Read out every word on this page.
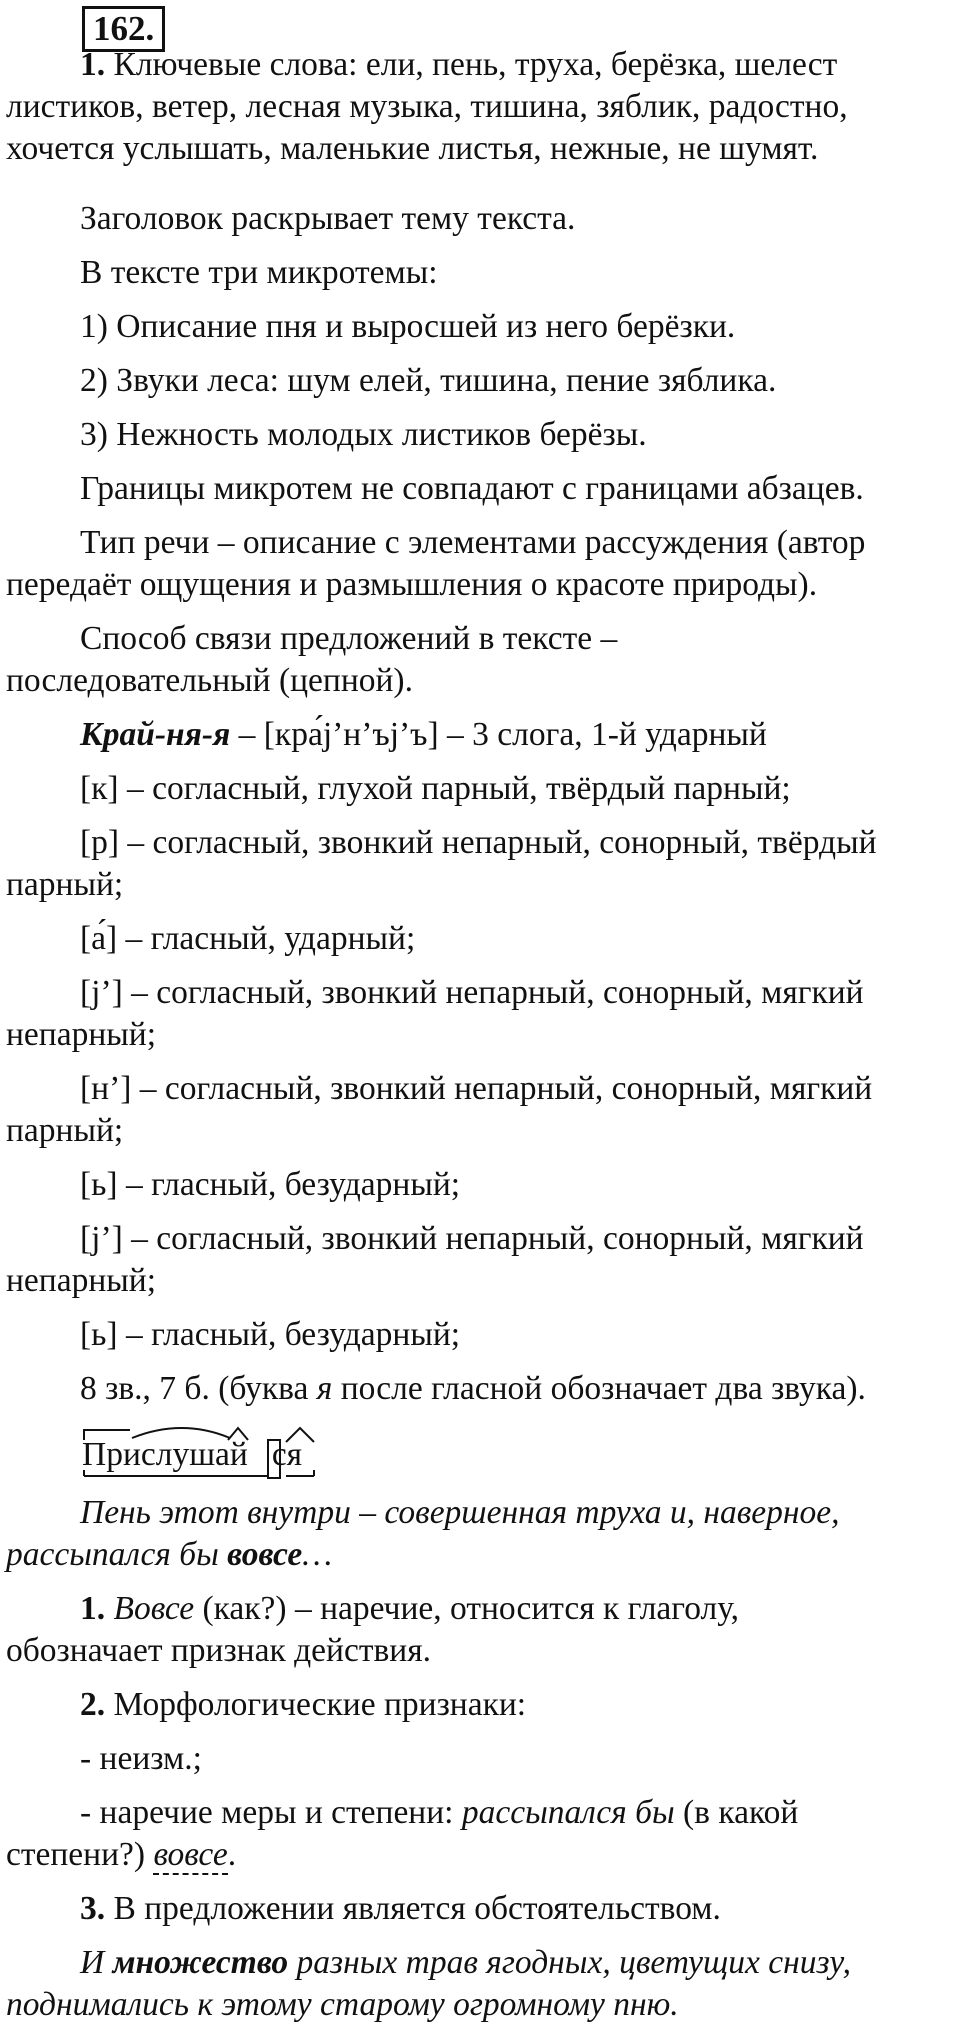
162.
1. Ключевые слова: ели, пень, труха, берёзка, шелест
листиков, ветер, лесная музыка, тишина, зяблик, радостно,
хочется услышать, маленькие листья, нежные, не шумят.
Заголовок раскрывает тему текста.
В тексте три микротемы:
1) Описание пня и выросшей из него берёзки.
2) Звуки леса: шум елей, тишина, пение зяблика.
3) Нежность молодых листиков берёзы.
Границы микротем не совпадают с границами абзацев.
Тип речи – описание с элементами рассуждения (автор
передаёт ощущения и размышления о красоте природы).
Способ связи предложений в тексте –
последовательный (цепной).
Край-ня-я – [кра́j’н’ъj’ъ] – 3 слога, 1-й ударный
[к] – согласный, глухой парный, твёрдый парный;
[р] – согласный, звонкий непарный, сонорный, твёрдый
парный;
[а́] – гласный, ударный;
[j’] – согласный, звонкий непарный, сонорный, мягкий
непарный;
[н’] – согласный, звонкий непарный, сонорный, мягкий
парный;
[ь] – гласный, безударный;
[j’] – согласный, звонкий непарный, сонорный, мягкий
непарный;
[ь] – гласный, безударный;
8 зв., 7 б. (буква я после гласной обозначает два звука).
Прислушай ся
Пень этот внутри – совершенная труха и, наверное,
рассыпался бы вовсе…
1. Вовсе (как?) – наречие, относится к глаголу,
обозначает признак действия.
2. Морфологические признаки:
- неизм.;
- наречие меры и степени: рассыпался бы (в какой
степени?) вовсе.
3. В предложении является обстоятельством.
И множество разных трав ягодных, цветущих снизу,
поднимались к этому старому огромному пню.
